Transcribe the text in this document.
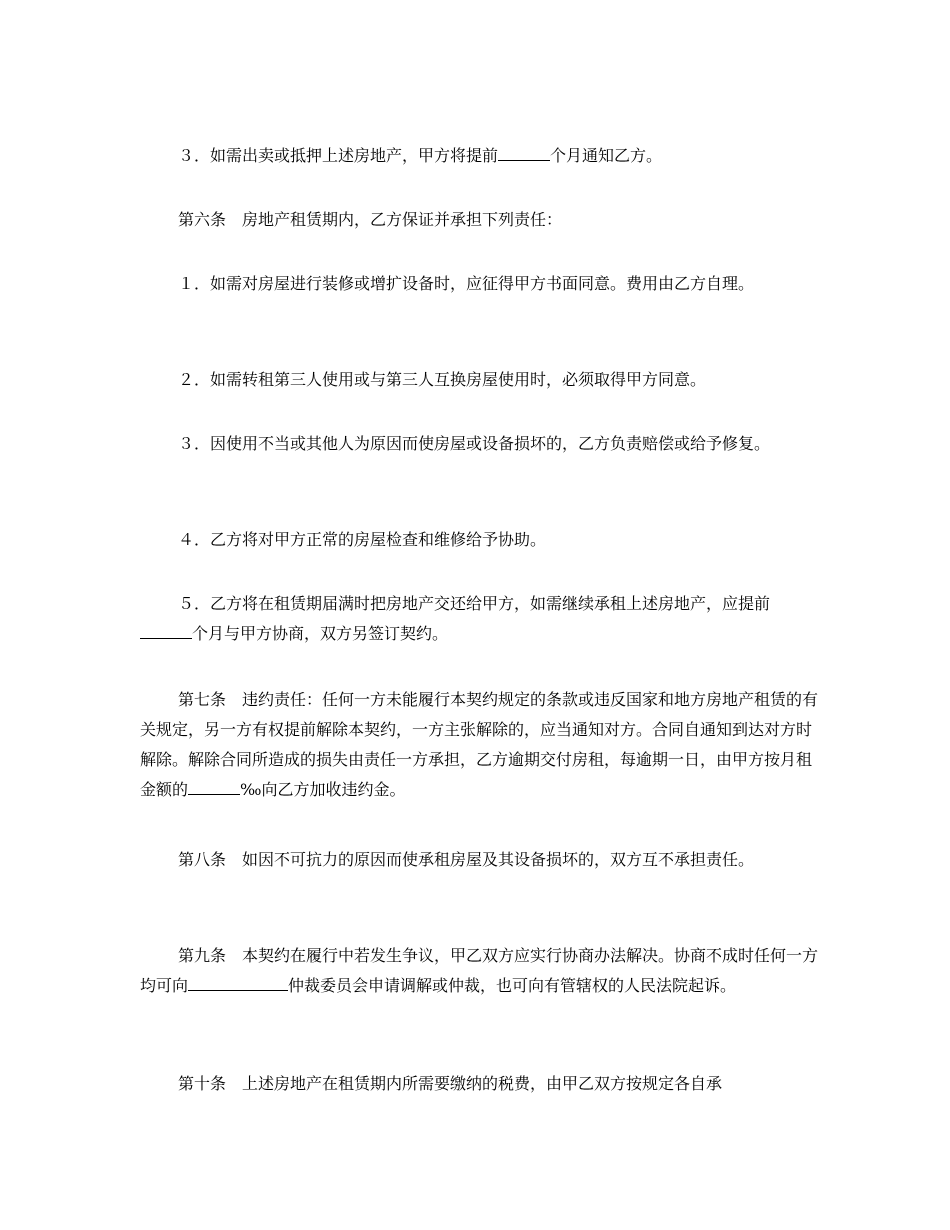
３．如需出卖或抵押上述房地产，甲方将提前	个月通知乙方。

第六条　房地产租赁期内，乙方保证并承担下列责任：

１．如需对房屋进行装修或增扩设备时，应征得甲方书面同意。费用由乙方自理。

２．如需转租第三人使用或与第三人互换房屋使用时，必须取得甲方同意。

３．因使用不当或其他人为原因而使房屋或设备损坏的，乙方负责赔偿或给予修复。

４．乙方将对甲方正常的房屋检查和维修给予协助。

５．乙方将在租赁期届满时把房地产交还给甲方，如需继续承租上述房地产，应提前个月与甲方协商，双方另签订契约。

第七条　违约责任：任何一方未能履行本契约规定的条款或违反国家和地方房地产租赁的有关规定，另一方有权提前解除本契约，一方主张解除的，应当通知对方。合同自通知到达对方时解除。解除合同所造成的损失由责任一方承担，乙方逾期交付房租，每逾期一日，由甲方按月租金额的	‰向乙方加收违约金。

第八条　如因不可抗力的原因而使承租房屋及其设备损坏的，双方互不承担责任。

第九条　本契约在履行中若发生争议，甲乙双方应实行协商办法解决。协商不成时任何一方均可向	仲裁委员会申请调解或仲裁，也可向有管辖权的人民法院起诉。

第十条　上述房地产在租赁期内所需要缴纳的税费，由甲乙双方按规定各自承
